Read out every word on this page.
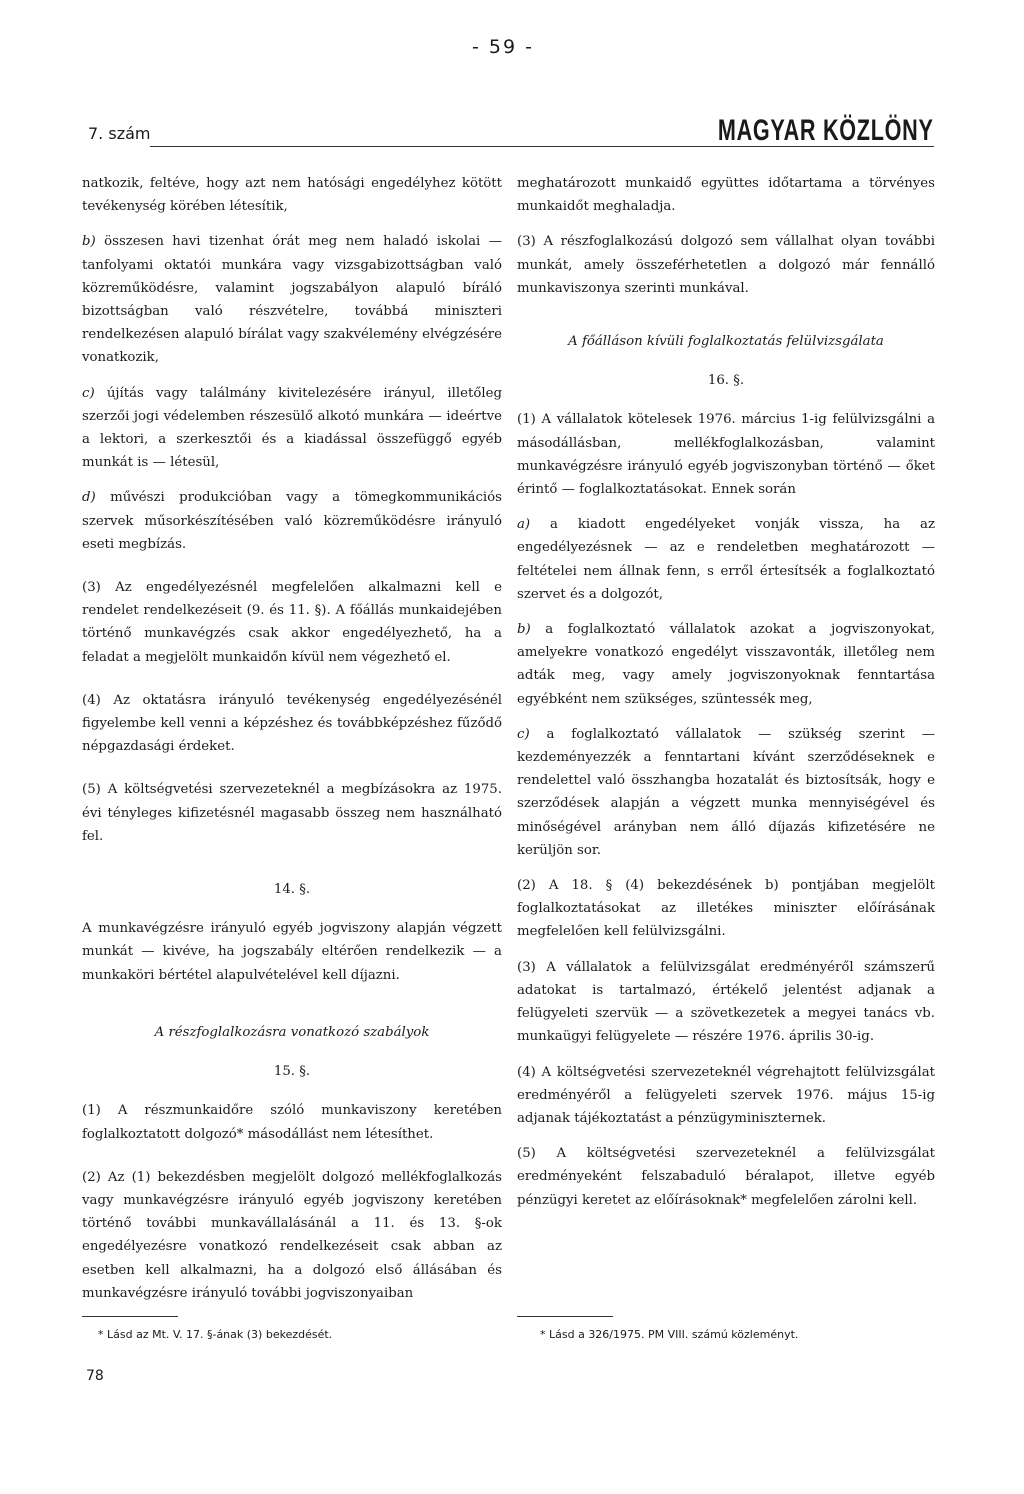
- 59 -
7. szám	MAGYAR KÖZLÖNY

natkozik, feltéve, hogy azt nem hatósági engedélyhez kötött tevékenység körében létesítik,

b) összesen havi tizenhat órát meg nem haladó iskolai — tanfolyami oktatói munkára vagy vizsgabizottságban való közreműködésre, valamint jogszabályon alapuló bíráló bizottságban való részvételre, továbbá miniszteri rendelkezésen alapuló bírálat vagy szakvélemény elvégzésére vonatkozik,

c) újítás vagy találmány kivitelezésére irányul, illetőleg szerzői jogi védelemben részesülő alkotó munkára — ideértve a lektori, a szerkesztői és a kiadással összefüggő egyéb munkát is — létesül,

d) művészi produkcióban vagy a tömegkommunikációs szervek műsorkészítésében való közreműködésre irányuló eseti megbízás.

(3) Az engedélyezésnél megfelelően alkalmazni kell e rendelet rendelkezéseit (9. és 11. §). A főállás munkaidejében történő munkavégzés csak akkor engedélyezhető, ha a feladat a megjelölt munkaidőn kívül nem végezhető el.

(4) Az oktatásra irányuló tevékenység engedélyezésénél figyelembe kell venni a képzéshez és továbbképzéshez fűződő népgazdasági érdeket.

(5) A költségvetési szervezeteknél a megbízásokra az 1975. évi tényleges kifizetésnél magasabb összeg nem használható fel.

14. §.

A munkavégzésre irányuló egyéb jogviszony alapján végzett munkát — kivéve, ha jogszabály eltérően rendelkezik — a munkaköri bértétel alapulvételével kell díjazni.

A részfoglalkozásra vonatkozó szabályok

15. §.

(1) A részmunkaidőre szóló munkaviszony keretében foglalkoztatott dolgozó* másodállást nem létesíthet.

(2) Az (1) bekezdésben megjelölt dolgozó mellékfoglalkozás vagy munkavégzésre irányuló egyéb jogviszony keretében történő további munkavállalásánál a 11. és 13. §-ok engedélyezésre vonatkozó rendelkezéseit csak abban az esetben kell alkalmazni, ha a dolgozó első állásában és munkavégzésre irányuló további jogviszonyaiban

meghatározott munkaidő együttes időtartama a törvényes munkaidőt meghaladja.

(3) A részfoglalkozású dolgozó sem vállalhat olyan további munkát, amely összeférhetetlen a dolgozó már fennálló munkaviszonya szerinti munkával.

A főálláson kívüli foglalkoztatás felülvizsgálata

16. §.

(1) A vállalatok kötelesek 1976. március 1-ig felülvizsgálni a másodállásban, mellékfoglalkozásban, valamint munkavégzésre irányuló egyéb jogviszonyban történő — őket érintő — foglalkoztatásokat. Ennek során

a) a kiadott engedélyeket vonják vissza, ha az engedélyezésnek — az e rendeletben meghatározott — feltételei nem állnak fenn, s erről értesítsék a foglalkoztató szervet és a dolgozót,

b) a foglalkoztató vállalatok azokat a jogviszonyokat, amelyekre vonatkozó engedélyt visszavonták, illetőleg nem adták meg, vagy amely jogviszonyoknak fenntartása egyébként nem szükséges, szüntessék meg,

c) a foglalkoztató vállalatok — szükség szerint — kezdeményezzék a fenntartani kívánt szerződéseknek e rendelettel való összhangba hozatalát és biztosítsák, hogy e szerződések alapján a végzett munka mennyiségével és minőségével arányban nem álló díjazás kifizetésére ne kerüljön sor.

(2) A 18. § (4) bekezdésének b) pontjában megjelölt foglalkoztatásokat az illetékes miniszter előírásának megfelelően kell felülvizsgálni.

(3) A vállalatok a felülvizsgálat eredményéről számszerű adatokat is tartalmazó, értékelő jelentést adjanak a felügyeleti szervük — a szövetkezetek a megyei tanács vb. munkaügyi felügyelete — részére 1976. április 30-ig.

(4) A költségvetési szervezeteknél végrehajtott felülvizsgálat eredményéről a felügyeleti szervek 1976. május 15-ig adjanak tájékoztatást a pénzügyminiszternek.

(5) A költségvetési szervezeteknél a felülvizsgálat eredményeként felszabaduló béralapot, illetve egyéb pénzügyi keretet az előírásoknak* megfelelően zárolni kell.

* Lásd az Mt. V. 17. §-ának (3) bekezdését.	* Lásd a 326/1975. PM VIII. számú közleményt.
78
